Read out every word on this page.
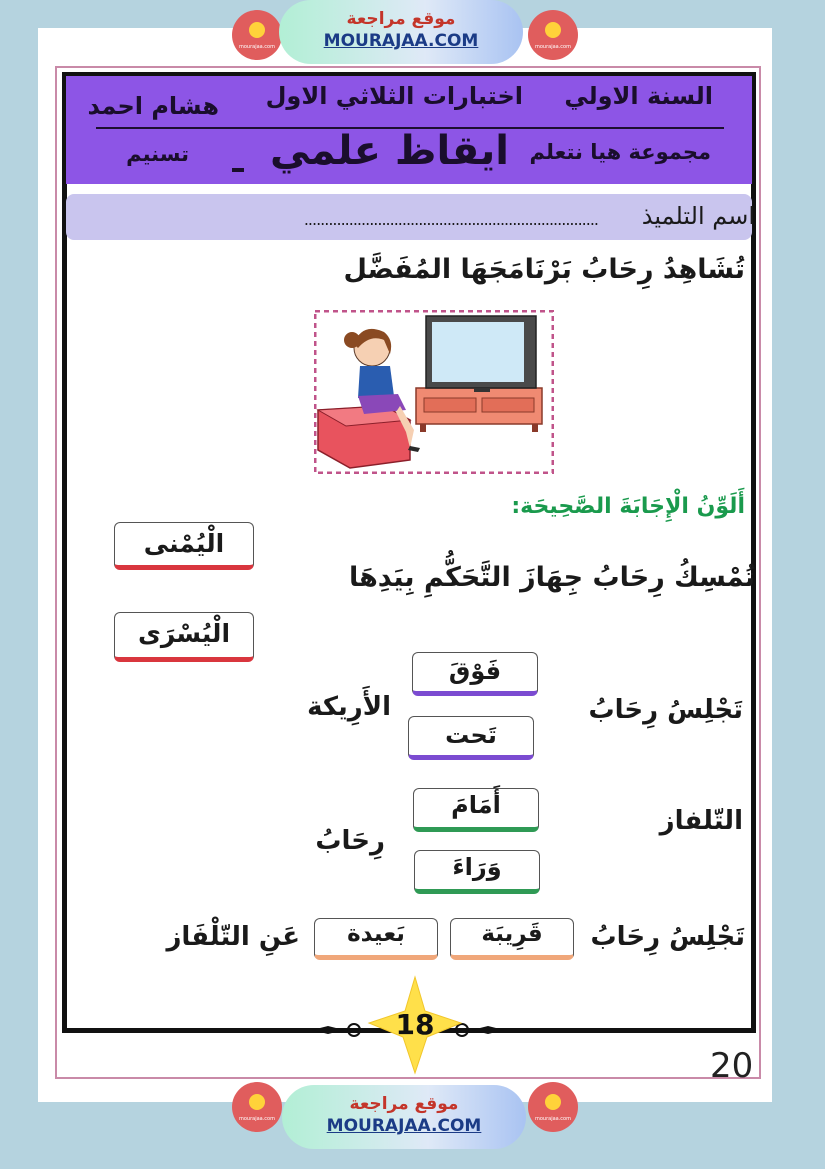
mourajaa.com
موقع مراجعة
MOURAJAA.COM	mourajaa.com
السنة الاولي
اختبارات الثلاثي الاول
هشام احمد
مجموعة هيا نتعلم
ايقاظ علمي
تسنيم
اسم التلميذ
........................................................................
تُشَاهِدُ رِحَابُ بَرْنَامَجَهَا المُفَضَّل
أَلَوِّنُ الْإِجَابَةَ الصَّحِيحَة:
الْيُمْنى
تُمْسِكُ رِحَابُ جِهَازَ التَّحَكُّمِ بِيَدِهَا
الْيُسْرَى
فَوْقَ
تَجْلِسُ رِحَابُ
الأَرِيكة
تَحت
أَمَامَ
التّلفاز
رِحَابُ
وَرَاءَ
تَجْلِسُ رِحَابُ
قَرِيبَة
بَعيدة
عَنِ التّلْفَاز
18
20
mourajaa.com
موقع مراجعة
MOURAJAA.COM	mourajaa.com
